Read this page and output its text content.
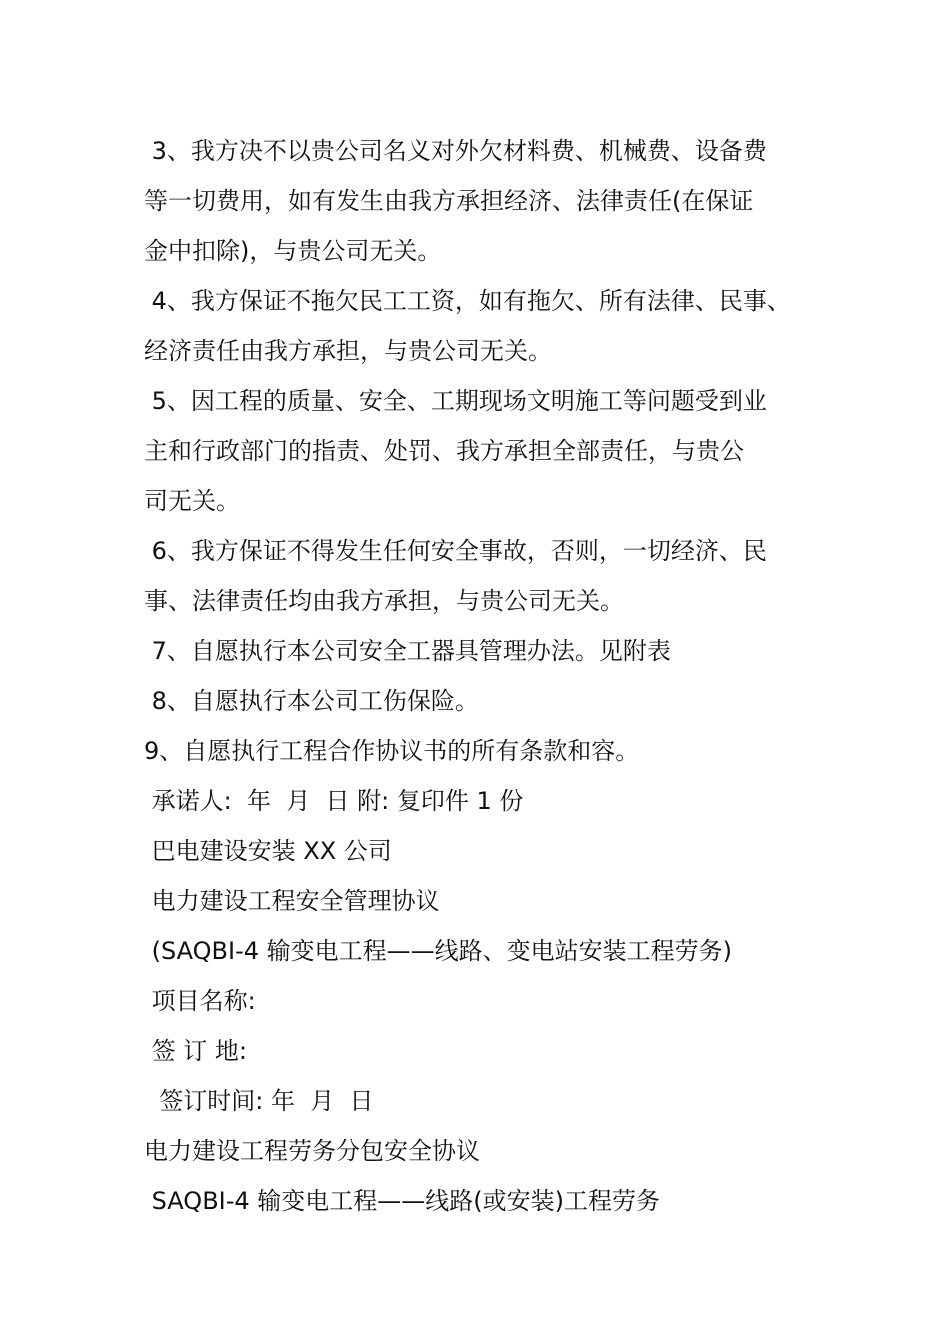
3、我方决不以贵公司名义对外欠材料费、机械费、设备费
等一切费用，如有发生由我方承担经济、法律责任(在保证
金中扣除)，与贵公司无关。
4、我方保证不拖欠民工工资，如有拖欠、所有法律、民事、
经济责任由我方承担，与贵公司无关。
5、因工程的质量、安全、工期现场文明施工等问题受到业
主和行政部门的指责、处罚、我方承担全部责任，与贵公
司无关。
6、我方保证不得发生任何安全事故，否则，一切经济、民
事、法律责任均由我方承担，与贵公司无关。
7、自愿执行本公司安全工器具管理办法。见附表
8、自愿执行本公司工伤保险。
9、自愿执行工程合作协议书的所有条款和容。
承诺人:  年  月  日 附: 复印件 1 份
巴电建设安装 XX 公司
电力建设工程安全管理协议
(SAQBI-4 输变电工程——线路、变电站安装工程劳务)
项目名称:
签 订 地:
签订时间: 年  月  日
电力建设工程劳务分包安全协议
SAQBI-4 输变电工程——线路(或安装)工程劳务
